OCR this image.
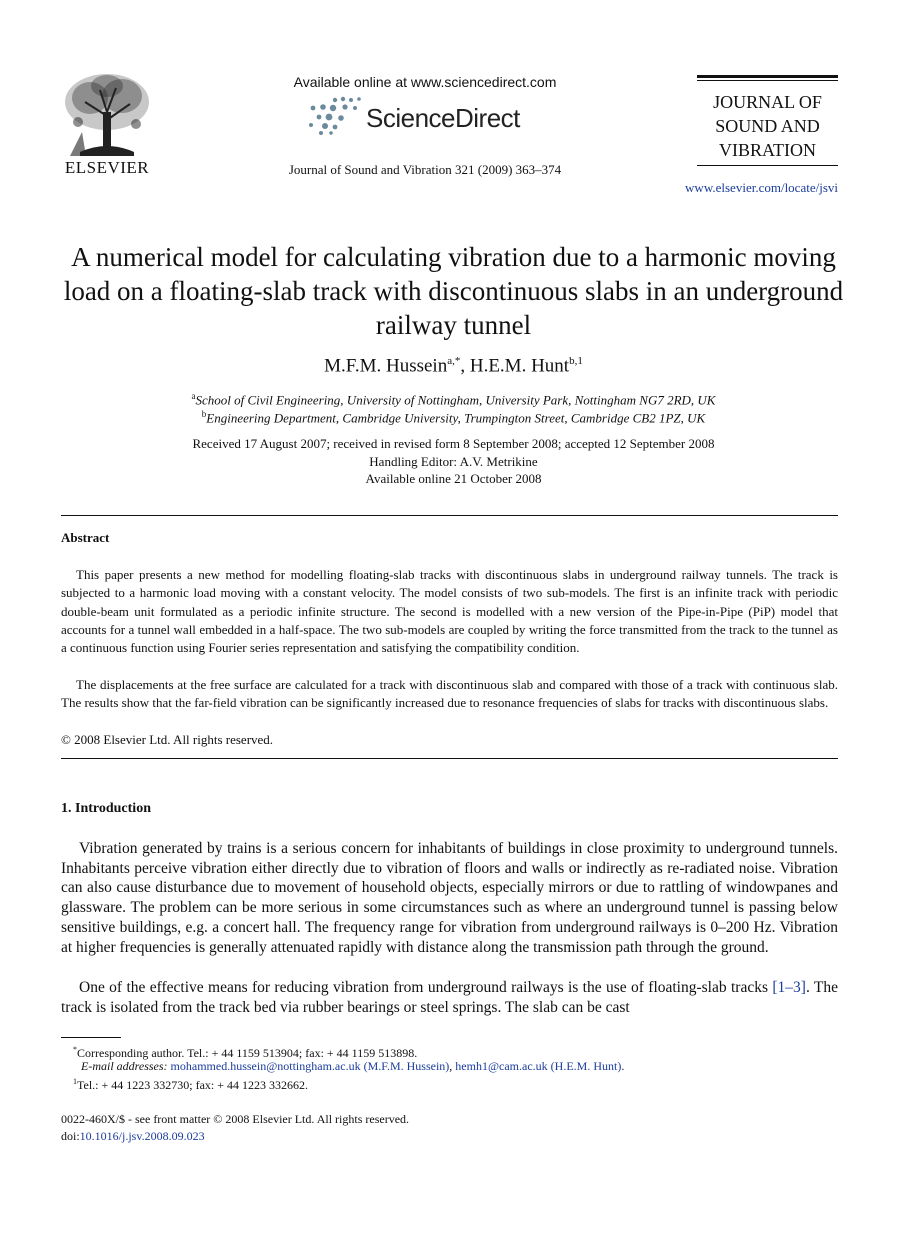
ELSEVIER
Available online at www.sciencedirect.com
ScienceDirect
Journal of Sound and Vibration 321 (2009) 363–374
JOURNAL OF
SOUND AND
VIBRATION
www.elsevier.com/locate/jsvi
A numerical model for calculating vibration due to a harmonic moving load on a floating-slab track with discontinuous slabs in an underground railway tunnel
M.F.M. Hussein$^{a,*}$, H.E.M. Hunt$^{b,1}$
$^a$School of Civil Engineering, University of Nottingham, University Park, Nottingham NG7 2RD, UK
$^b$Engineering Department, Cambridge University, Trumpington Street, Cambridge CB2 1PZ, UK
Received 17 August 2007; received in revised form 8 September 2008; accepted 12 September 2008
Handling Editor: A.V. Metrikine
Available online 21 October 2008
Abstract
This paper presents a new method for modelling floating-slab tracks with discontinuous slabs in underground railway tunnels. The track is subjected to a harmonic load moving with a constant velocity. The model consists of two sub-models. The first is an infinite track with periodic double-beam unit formulated as a periodic infinite structure. The second is modelled with a new version of the Pipe-in-Pipe (PiP) model that accounts for a tunnel wall embedded in a half-space. The two sub-models are coupled by writing the force transmitted from the track to the tunnel as a continuous function using Fourier series representation and satisfying the compatibility condition.
The displacements at the free surface are calculated for a track with discontinuous slab and compared with those of a track with continuous slab. The results show that the far-field vibration can be significantly increased due to resonance frequencies of slabs for tracks with discontinuous slabs.
© 2008 Elsevier Ltd. All rights reserved.
1. Introduction
Vibration generated by trains is a serious concern for inhabitants of buildings in close proximity to underground tunnels. Inhabitants perceive vibration either directly due to vibration of floors and walls or indirectly as re-radiated noise. Vibration can also cause disturbance due to movement of household objects, especially mirrors or due to rattling of windowpanes and glassware. The problem can be more serious in some circumstances such as where an underground tunnel is passing below sensitive buildings, e.g. a concert hall. The frequency range for vibration from underground railways is 0–200 Hz. Vibration at higher frequencies is generally attenuated rapidly with distance along the transmission path through the ground.
One of the effective means for reducing vibration from underground railways is the use of floating-slab tracks [1–3]. The track is isolated from the track bed via rubber bearings or steel springs. The slab can be cast
*Corresponding author. Tel.: + 44 1159 513904; fax: + 44 1159 513898.
E-mail addresses: mohammed.hussein@nottingham.ac.uk (M.F.M. Hussein), hemh1@cam.ac.uk (H.E.M. Hunt).
$^1$Tel.: + 44 1223 332730; fax: + 44 1223 332662.
0022-460X/$ - see front matter © 2008 Elsevier Ltd. All rights reserved.
doi:10.1016/j.jsv.2008.09.023
